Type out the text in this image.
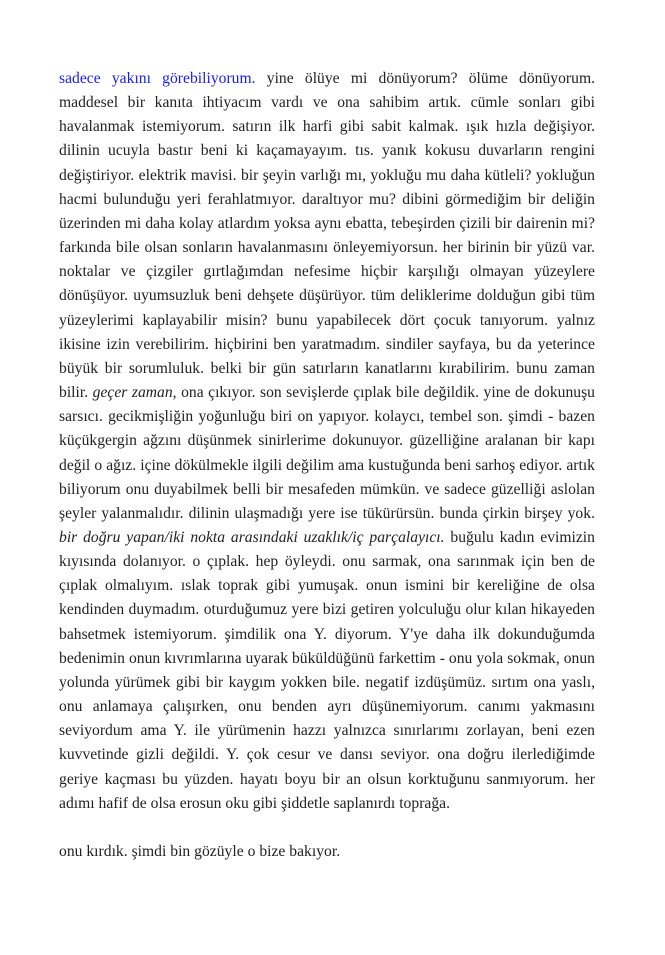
sadece yakını görebiliyorum. yine ölüye mi dönüyorum? ölüme dönüyorum. maddesel bir kanıta ihtiyacım vardı ve ona sahibim artık. cümle sonları gibi havalanmak istemiyorum. satırın ilk harfi gibi sabit kalmak. ışık hızla değişiyor. dilinin ucuyla bastır beni ki kaçamayayım. tıs. yanık kokusu duvarların rengini değiştiriyor. elektrik mavisi. bir şeyin varlığı mı, yokluğu mu daha kütleli? yokluğun hacmi bulunduğu yeri ferahlatmıyor. daraltıyor mu? dibini görmediğim bir deliğin üzerinden mi daha kolay atlardım yoksa aynı ebatta, tebeşirden çizili bir dairenin mi? farkında bile olsan sonların havalanmasını önleyemiyorsun. her birinin bir yüzü var. noktalar ve çizgiler gırtlağımdan nefesime hiçbir karşılığı olmayan yüzeylere dönüşüyor. uyumsuzluk beni dehşete düşürüyor. tüm deliklerime dolduğun gibi tüm yüzeylerimi kaplayabilir misin? bunu yapabilecek dört çocuk tanıyorum. yalnız ikisine izin verebilirim. hiçbirini ben yaratmadım. sindiler sayfaya, bu da yeterince büyük bir sorumluluk. belki bir gün satırların kanatlarını kırabilirim. bunu zaman bilir. geçer zaman, ona çıkıyor. son sevişlerde çıplak bile değildik. yine de dokunuşu sarsıcı. gecikmişliğin yoğunluğu biri on yapıyor. kolaycı, tembel son. şimdi - bazen küçükgergin ağzını düşünmek sinirlerime dokunuyor. güzelliğine aralanan bir kapı değil o ağız. içine dökülmekle ilgili değilim ama kustuğunda beni sarhoş ediyor. artık biliyorum onu duyabilmek belli bir mesafeden mümkün. ve sadece güzelliği aslolan şeyler yalanmalıdır. dilinin ulaşmadığı yere ise tükürürsün. bunda çirkin birşey yok. bir doğru yapan/iki nokta arasındaki uzaklık/iç parçalayıcı. buğulu kadın evimizin kıyısında dolanıyor. o çıplak. hep öyleydi. onu sarmak, ona sarınmak için ben de çıplak olmalıyım. ıslak toprak gibi yumuşak. onun ismini bir kereliğine de olsa kendinden duymadım. oturduğumuz yere bizi getiren yolculuğu olur kılan hikayeden bahsetmek istemiyorum. şimdilik ona Y. diyorum. Y'ye daha ilk dokunduğumda bedenimin onun kıvrımlarına uyarak büküldüğünü farkettim - onu yola sokmak, onun yolunda yürümek gibi bir kaygım yokken bile. negatif izdüşümüz. sırtım ona yaslı, onu anlamaya çalışırken, onu benden ayrı düşünemiyorum. canımı yakmasını seviyordum ama Y. ile yürümenin hazzı yalnızca sınırlarımı zorlayan, beni ezen kuvvetinde gizli değildi. Y. çok cesur ve dansı seviyor. ona doğru ilerlediğimde geriye kaçması bu yüzden. hayatı boyu bir an olsun korktuğunu sanmıyorum. her adımı hafif de olsa erosun oku gibi şiddetle saplanırdı toprağa.

onu kırdık. şimdi bin gözüyle o bize bakıyor.
